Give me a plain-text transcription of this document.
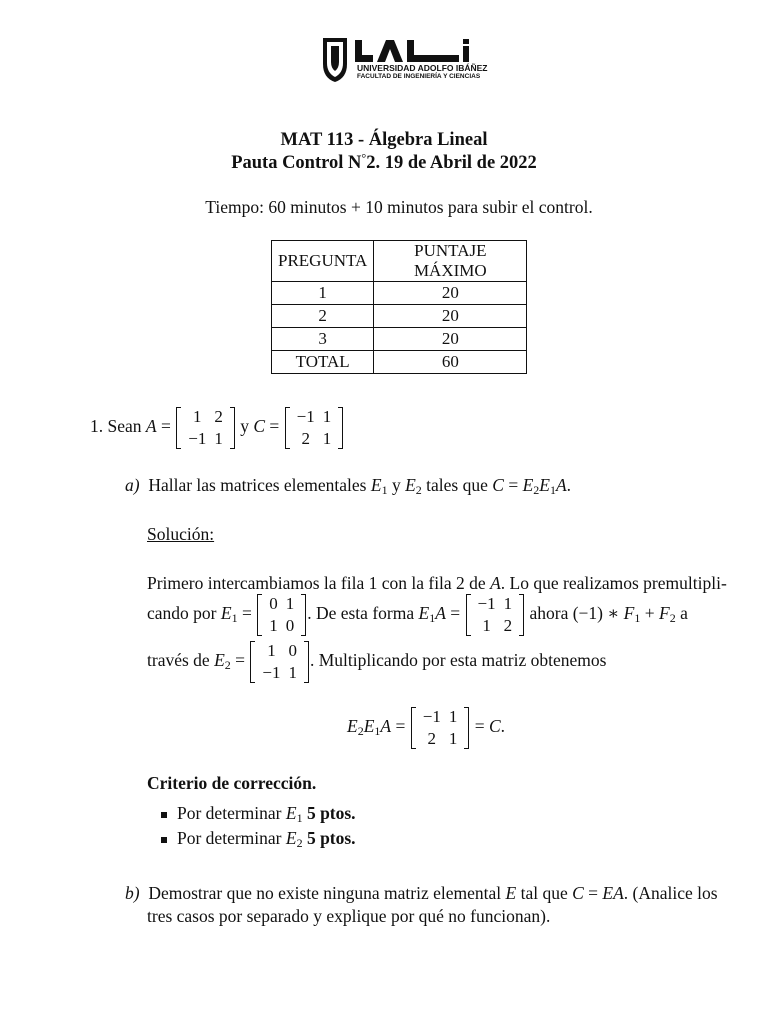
UNIVERSIDAD ADOLFO IBÁÑEZ
FACULTAD DE INGENIERÍA Y CIENCIAS
MAT 113 - Álgebra Lineal
Pauta Control N°2. 19 de Abril de 2022
Tiempo: 60 minutos + 10 minutos para subir el control.
PREGUNTA	PUNTAJE MÁXIMO
1	20
2	20
3	20
TOTAL	60
1. Sean A = 1	2
−1	1
y C = −1	1
2	1
a) Hallar las matrices elementales $E_1$ y $E_2$ tales que $C = E_2E_1A$.
Solución:
Primero intercambiamos la fila 1 con la fila 2 de A. Lo que realizamos premultipli-
cando por $E_1 = 0$	1
1	0
. De esta forma $E_1A = -1$	1
1	2
ahora (−1) ∗ $F_1 + F_2$ a
través de $E_2 = 1$	0
−1	1
. Multiplicando por esta matriz obtenemos
$E_2E_1A = -1$	1
2	1
= C.
Criterio de corrección.
Por determinar $E_1$ 5 ptos.
Por determinar $E_2$ 5 ptos.
b) Demostrar que no existe ninguna matriz elemental E tal que C = EA. (Analice los
tres casos por separado y explique por qué no funcionan).
